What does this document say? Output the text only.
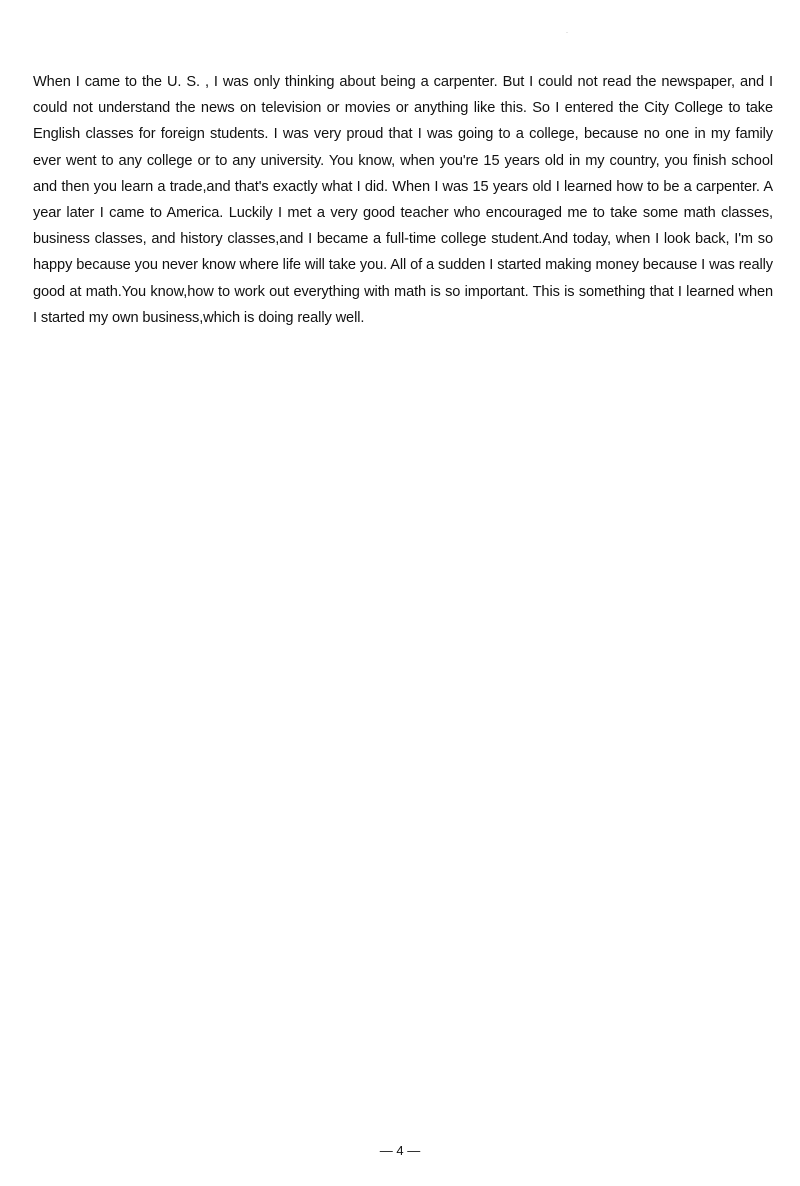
·

When I came to the U. S. , I was only thinking about being a carpenter. But I could not read the newspaper, and I could not understand the news on television or movies or anything like this. So I entered the City College to take English classes for foreign students. I was very proud that I was going to a college, because no one in my family ever went to any college or to any university. You know, when you're 15 years old in my country, you finish school and then you learn a trade,and that's exactly what I did. When I was 15 years old I learned how to be a carpenter. A year later I came to America. Luckily I met a very good teacher who encouraged me to take some math classes, business classes, and history classes,and I became a full-time college student.And today, when I look back, I'm so happy because you never know where life will take you. All of a sudden I started making money because I was really good at math.You know,how to work out everything with math is so important. This is something that I learned when I started my own business,which is doing really well.

— 4 —
